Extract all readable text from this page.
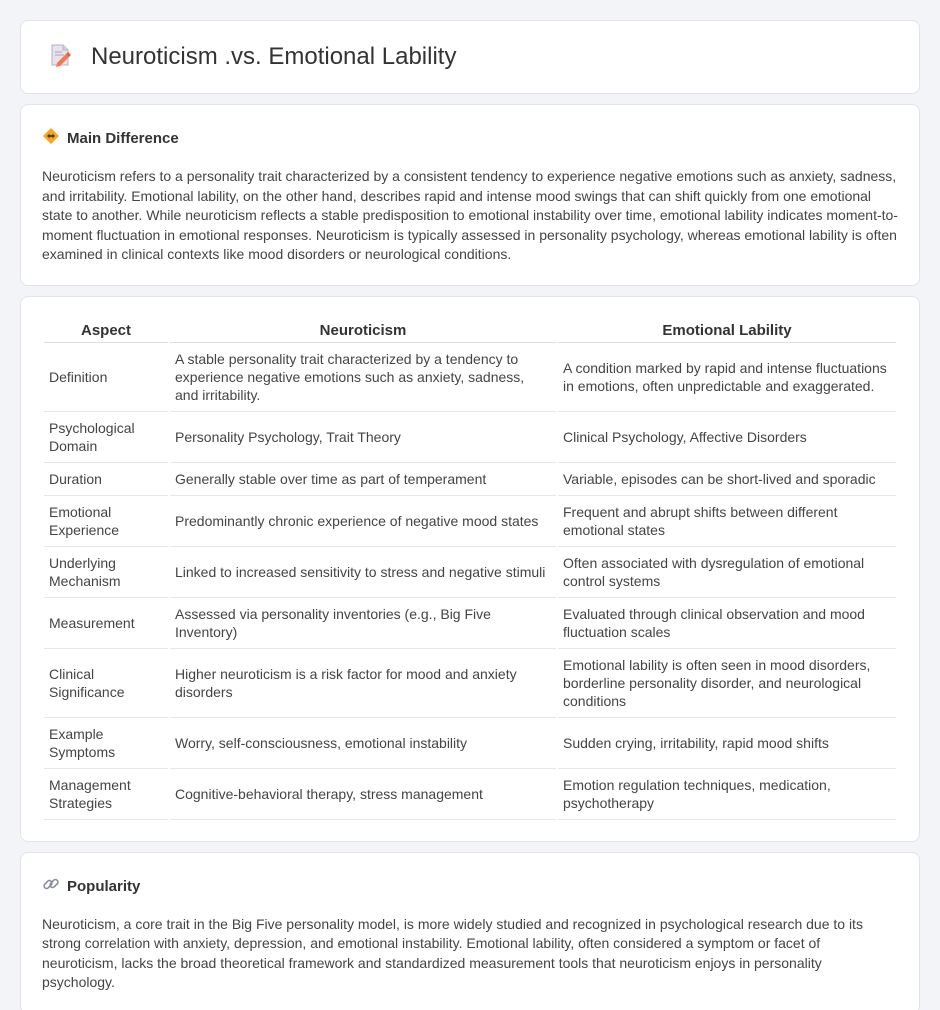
Neuroticism .vs. Emotional Lability
Main Difference

Neuroticism refers to a personality trait characterized by a consistent tendency to experience negative emotions such as anxiety, sadness, and irritability. Emotional lability, on the other hand, describes rapid and intense mood swings that can shift quickly from one emotional state to another. While neuroticism reflects a stable predisposition to emotional instability over time, emotional lability indicates moment-to-moment fluctuation in emotional responses. Neuroticism is typically assessed in personality psychology, whereas emotional lability is often examined in clinical contexts like mood disorders or neurological conditions.

Aspect	Neuroticism	Emotional Lability
Definition	A stable personality trait characterized by a tendency to experience negative emotions such as anxiety, sadness, and irritability.	A condition marked by rapid and intense fluctuations in emotions, often unpredictable and exaggerated.
Psychological Domain	Personality Psychology, Trait Theory	Clinical Psychology, Affective Disorders
Duration	Generally stable over time as part of temperament	Variable, episodes can be short-lived and sporadic
Emotional Experience	Predominantly chronic experience of negative mood states	Frequent and abrupt shifts between different emotional states
Underlying Mechanism	Linked to increased sensitivity to stress and negative stimuli	Often associated with dysregulation of emotional control systems
Measurement	Assessed via personality inventories (e.g., Big Five Inventory)	Evaluated through clinical observation and mood fluctuation scales
Clinical Significance	Higher neuroticism is a risk factor for mood and anxiety disorders	Emotional lability is often seen in mood disorders, borderline personality disorder, and neurological conditions
Example Symptoms	Worry, self-consciousness, emotional instability	Sudden crying, irritability, rapid mood shifts
Management Strategies	Cognitive-behavioral therapy, stress management	Emotion regulation techniques, medication, psychotherapy
Popularity

Neuroticism, a core trait in the Big Five personality model, is more widely studied and recognized in psychological research due to its strong correlation with anxiety, depression, and emotional instability. Emotional lability, often considered a symptom or facet of neuroticism, lacks the broad theoretical framework and standardized measurement tools that neuroticism enjoys in personality psychology.
